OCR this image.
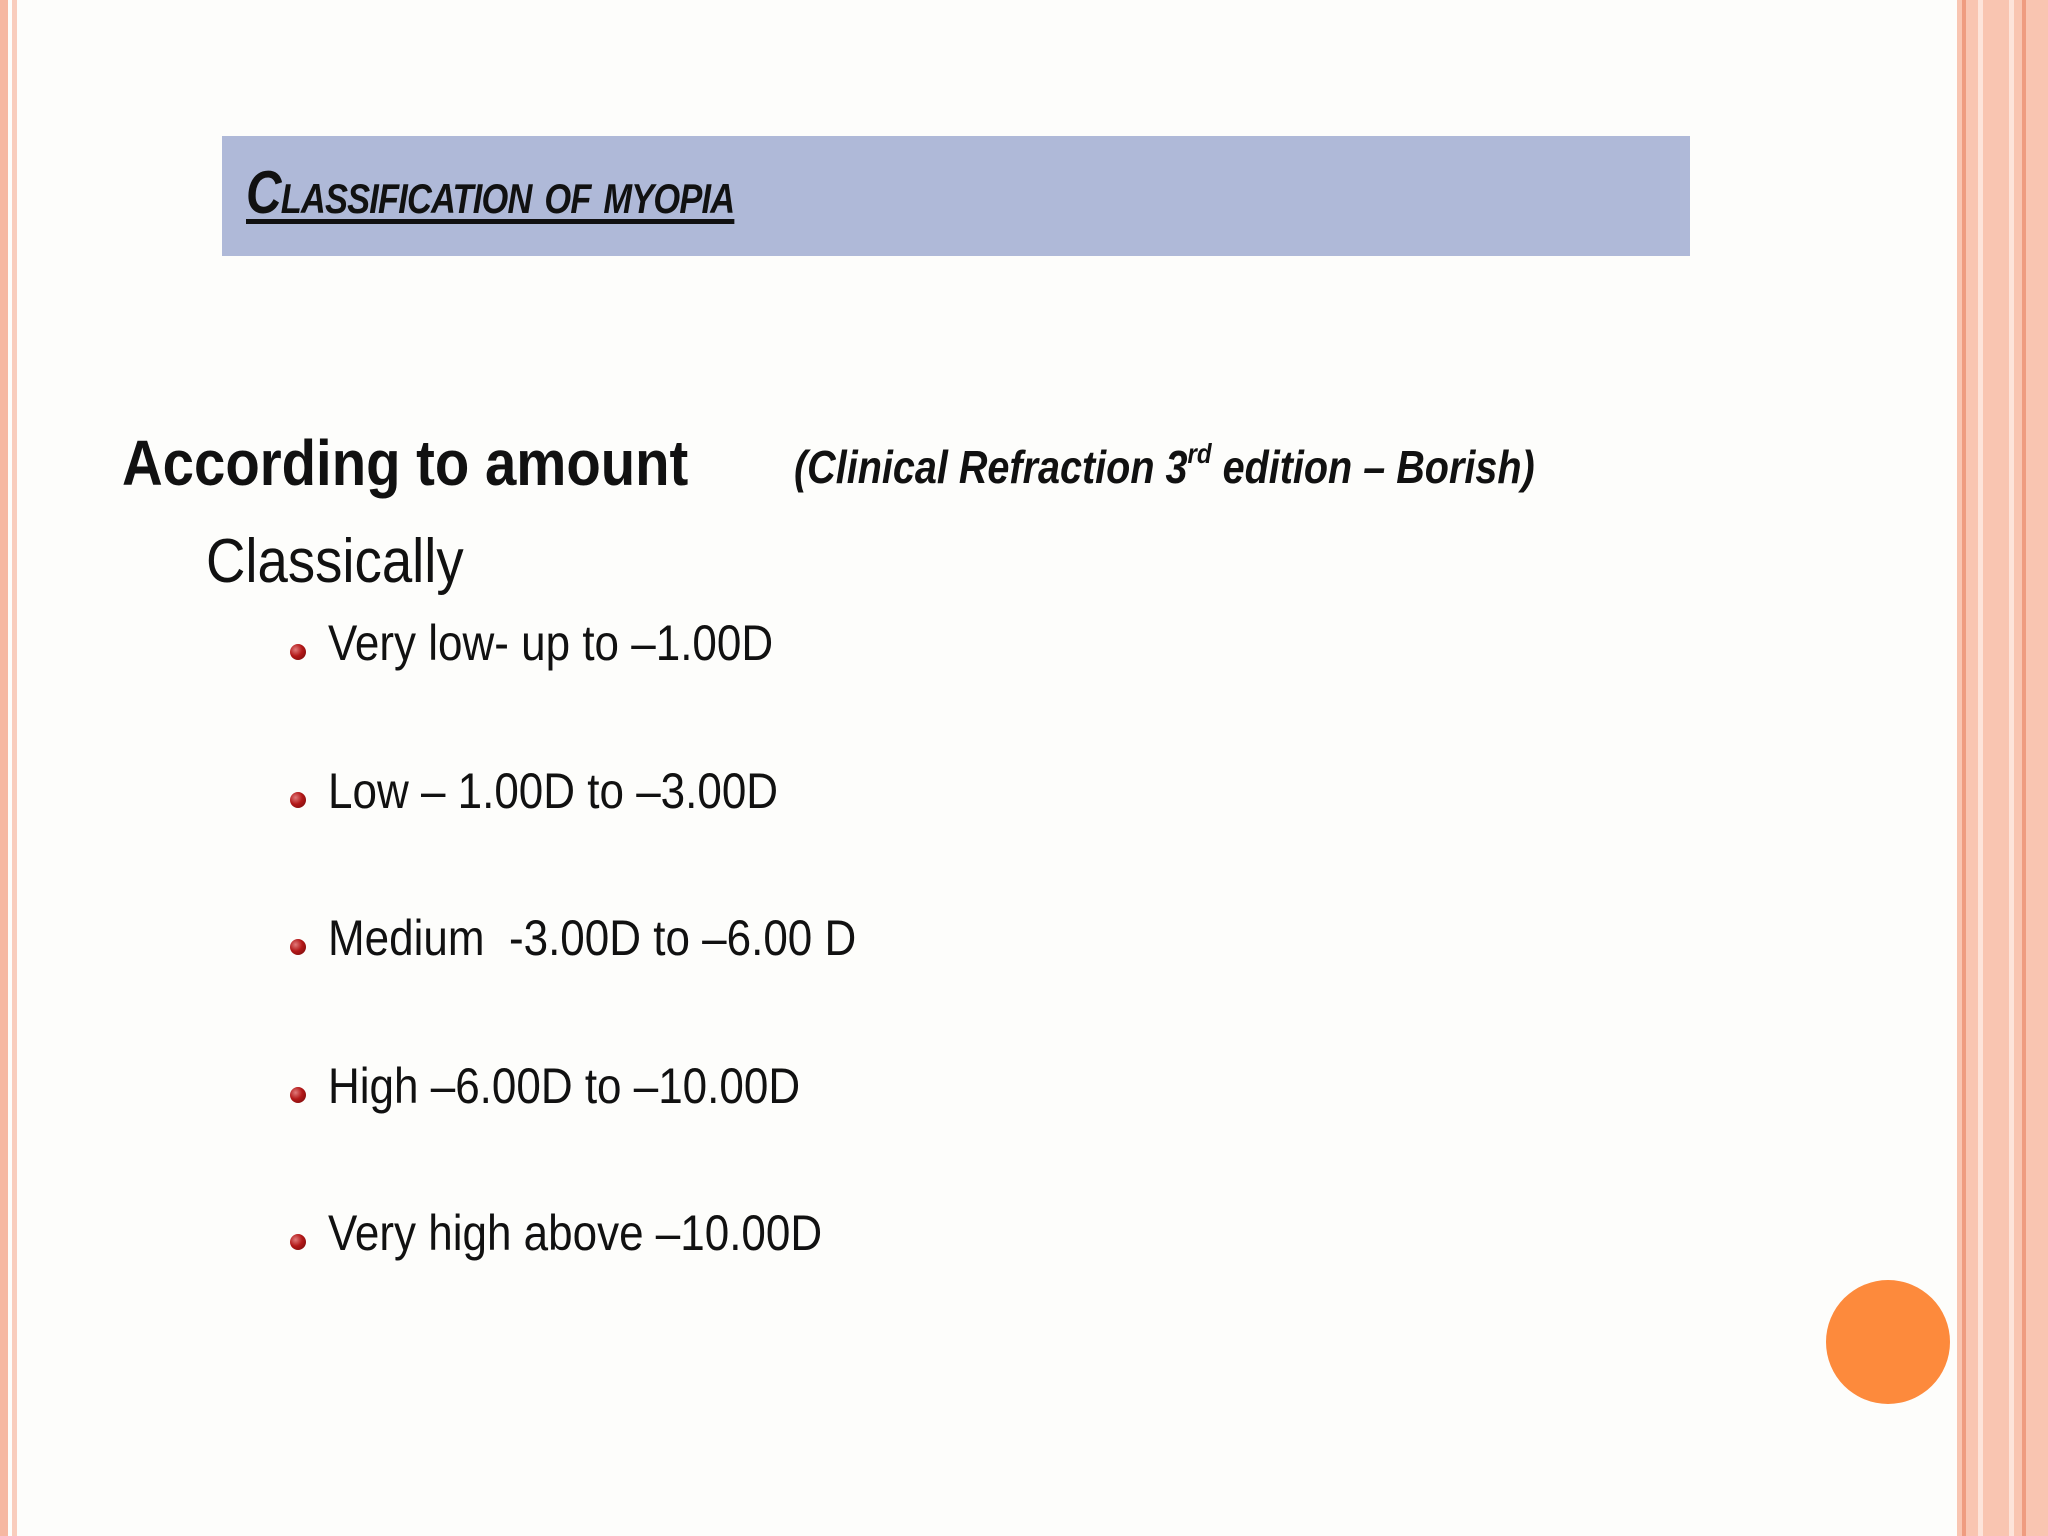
Classification of myopia
According to amount (Clinical Refraction 3rd edition – Borish)
Classically
Very low- up to –1.00D
Low – 1.00D to –3.00D
Medium  -3.00D to –6.00 D
High –6.00D to –10.00D
Very high above –10.00D
